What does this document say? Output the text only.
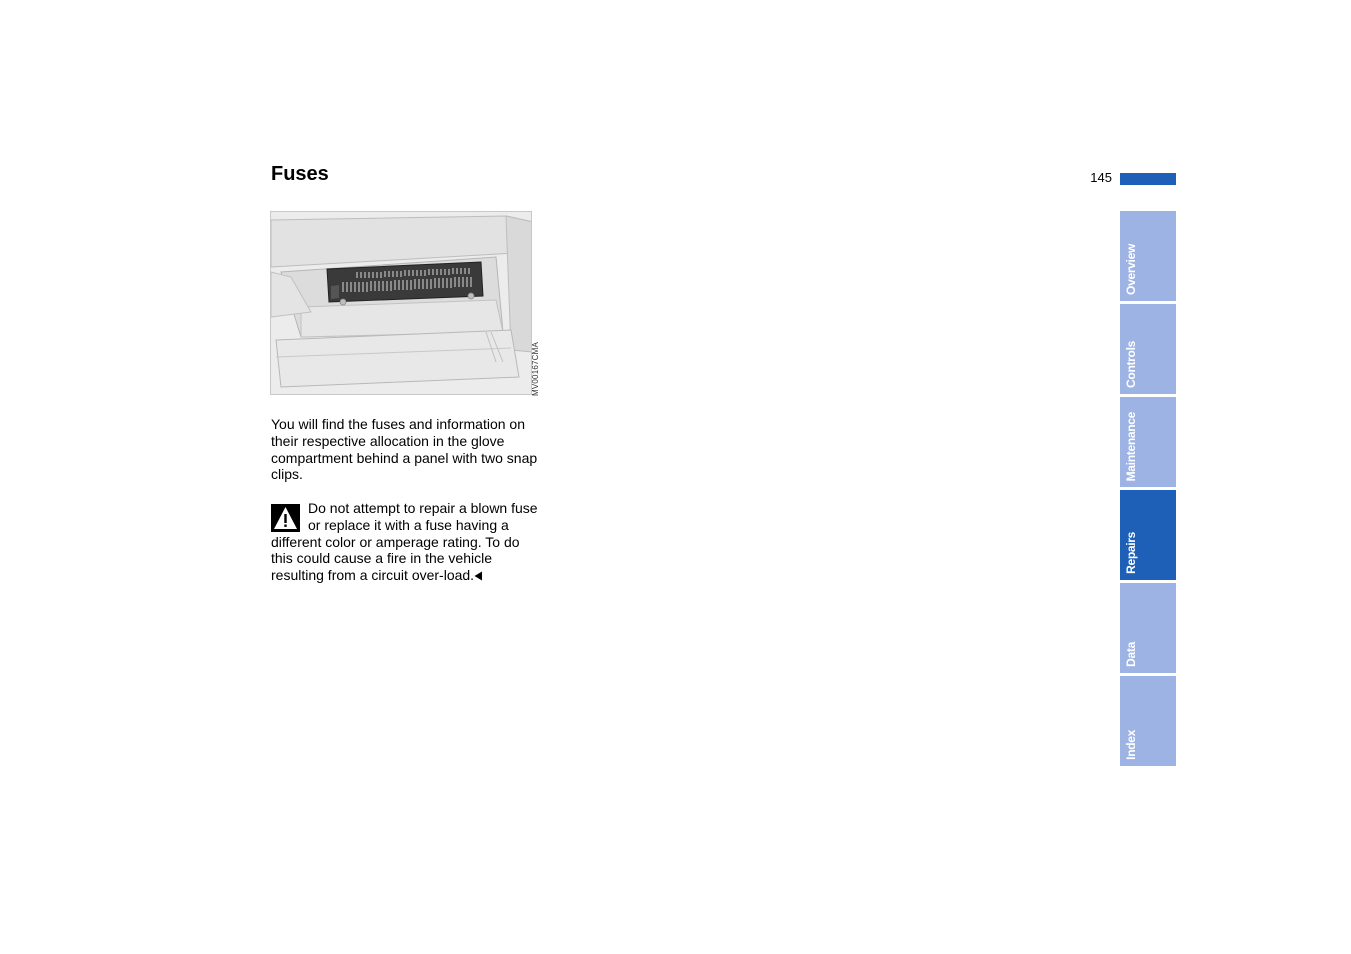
Fuses	145
MV00167CMA

You will find the fuses and information on their respective allocation in the glove compartment behind a panel with two snap clips.

Do not attempt to repair a blown fuse or replace it with a fuse having a different color or amperage rating. To do this could cause a fire in the vehicle resulting from a circuit over-load.
Overview
Controls
Maintenance
Repairs
Data
Index
